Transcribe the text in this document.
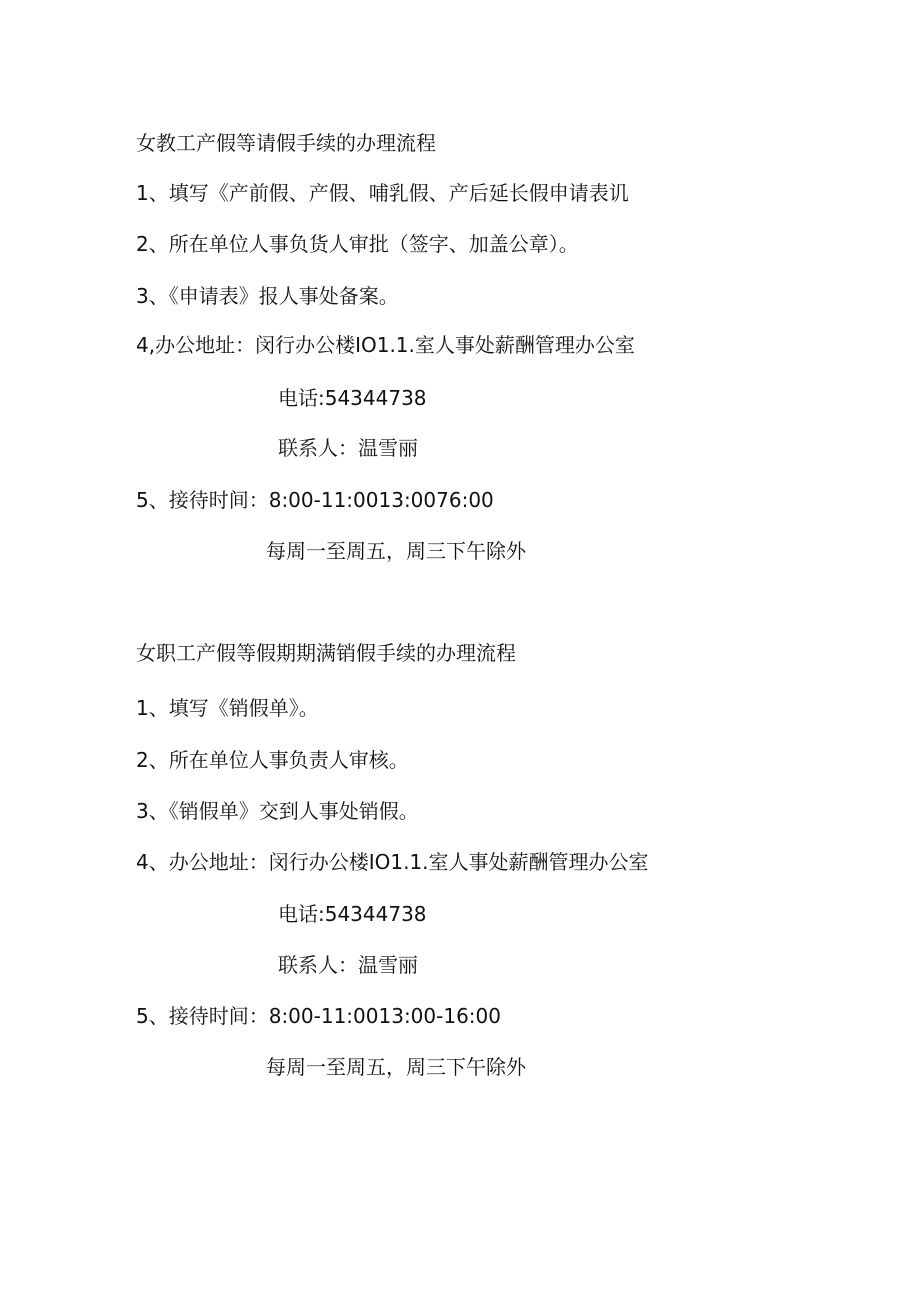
女教工产假等请假手续的办理流程
1、填写《产前假、产假、哺乳假、产后延长假申请表讥
2、所在单位人事负货人审批（签字、加盖公章）。
3、《申请表》报人事处备案。
4,办公地址：闵行办公楼IO1.1.室人事处薪酬管理办公室
电话:54344738
联系人：温雪丽
5、接待时间：8:00-11:0013:0076:00
每周一至周五，周三下午除外
女职工产假等假期期满销假手续的办理流程
1、填写《销假单》。
2、所在单位人事负责人审核。
3、《销假单》交到人事处销假。
4、办公地址：闵行办公楼IO1.1.室人事处薪酬管理办公室
电话:54344738
联系人：温雪丽
5、接待时间：8:00-11:0013:00-16:00
每周一至周五，周三下午除外
